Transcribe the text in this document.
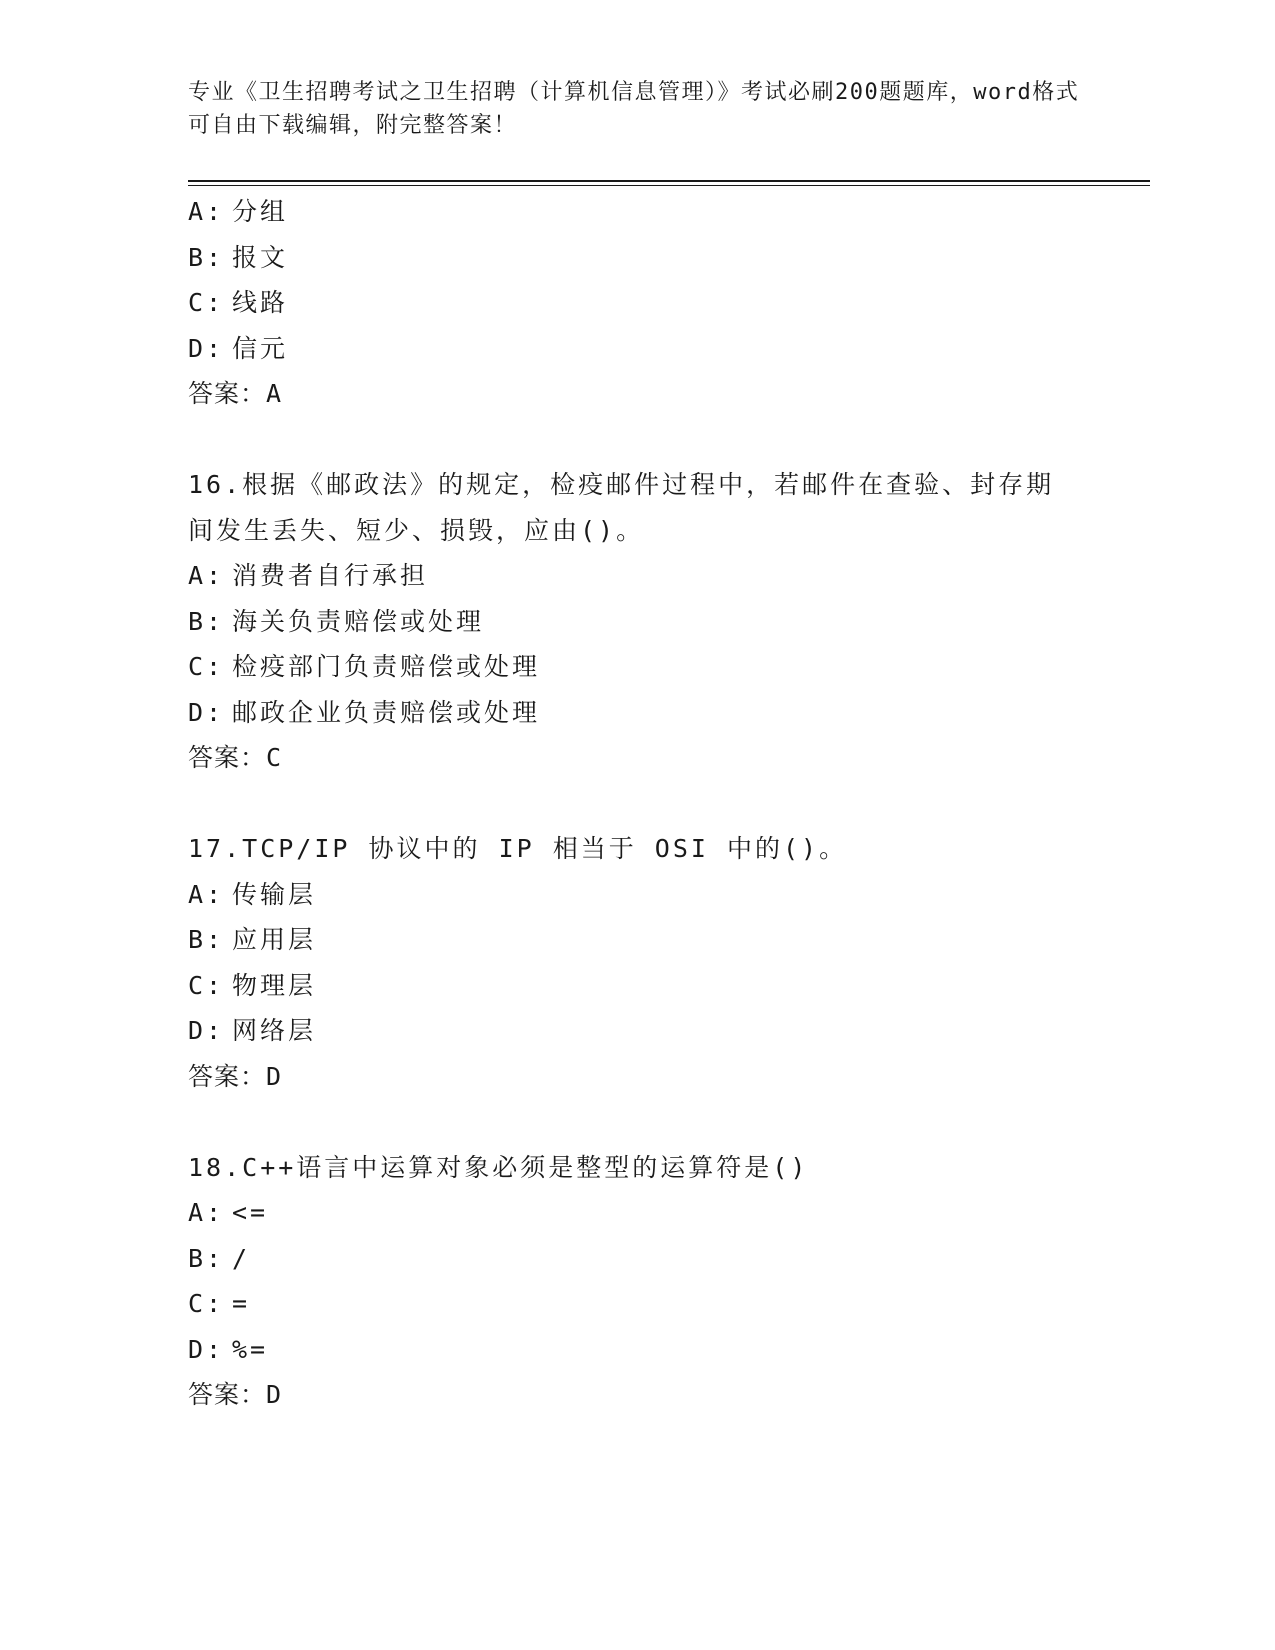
专业《卫生招聘考试之卫生招聘（计算机信息管理）》考试必刷200题题库，word格式可自由下载编辑，附完整答案！
A: 分组
B: 报文
C: 线路
D: 信元
答案：A
16.根据《邮政法》的规定，检疫邮件过程中，若邮件在查验、封存期
间发生丢失、短少、损毁，应由()。
A: 消费者自行承担
B: 海关负责赔偿或处理
C: 检疫部门负责赔偿或处理
D: 邮政企业负责赔偿或处理
答案：C
17.TCP/IP 协议中的 IP 相当于 OSI 中的()。
A: 传输层
B: 应用层
C: 物理层
D: 网络层
答案：D
18.C++语言中运算对象必须是整型的运算符是()
A: <=
B: /
C: =
D: %=
答案：D
